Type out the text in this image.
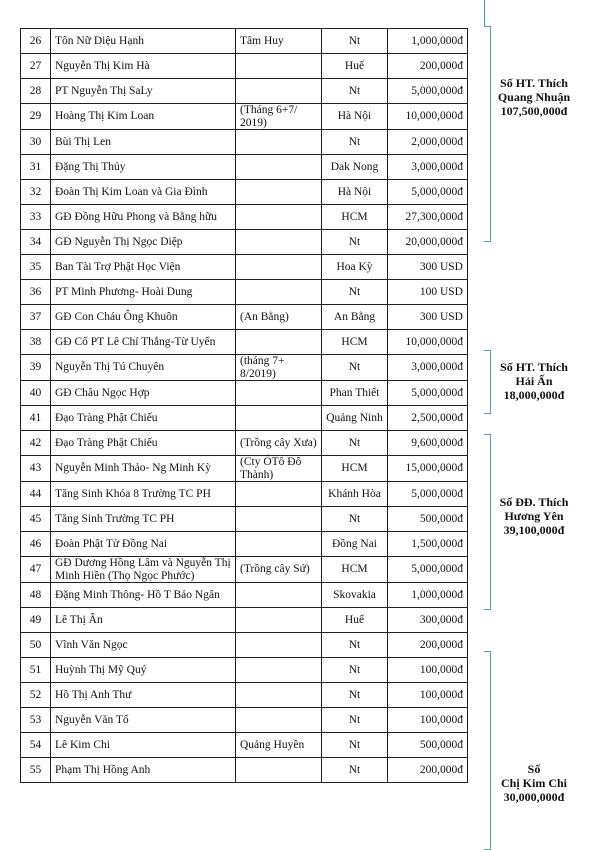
26	Tôn Nữ Diệu Hạnh	Tâm Huy	Nt	1,000,000đ	
27	Nguyễn Thị Kim Hà		Huế	200,000đ	
28	PT Nguyễn Thị SaLy		Nt	5,000,000đ	
29	Hoàng Thị Kim Loan	(Tháng 6+7/ 2019)	Hà Nội	10,000,000đ	
30	Bùi Thị Len		Nt	2,000,000đ	
31	Đặng Thị Thủy		Dak Nong	3,000,000đ	
32	Đoàn Thị Kim Loan và Gia Đình		Hà Nội	5,000,000đ	
33	GĐ Đồng Hữu Phong và Bằng hữu		HCM	27,300,000đ	
34	GĐ Nguyễn Thị Ngọc Diệp		Nt	20,000,000đ	
35	Ban Tài Trợ Phật Học Viện		Hoa Kỳ	300 USD	
36	PT Minh Phương- Hoài Dung		Nt	100 USD	
37	GĐ Con Cháu Ông Khuôn	(An Bằng)	An Bằng	300 USD	
38	GĐ Cố PT Lê Chí Thắng-Từ Uyển		HCM	10,000,000đ	
39	Nguyễn Thị Tú Chuyên	(tháng 7+ 8/2019)	Nt	3,000,000đ	
40	GĐ Châu Ngọc Hợp		Phan Thiết	5,000,000đ	
41	Đạo Tràng Phật Chiếu		Quảng Ninh	2,500,000đ	
42	Đạo Tràng Phật Chiếu	(Trồng cây Xưa)	Nt	9,600,000đ	
43	Nguyễn Minh Thảo- Ng Minh Kỳ	(Cty ÔTô Đô Thành)	HCM	15,000,000đ	
44	Tăng Sinh Khóa 8 Trường TC PH		Khánh Hòa	5,000,000đ	
45	Tăng Sinh Trường TC PH		Nt	500,000đ	
46	Đoàn Phật Tử Đồng Nai		Đồng Nai	1,500,000đ	
47	GĐ Dương Hồng Lâm và Nguyễn Thị Minh Hiền (Thọ Ngọc Phước)	(Trồng cây Sứ)	HCM	5,000,000đ	
48	Đặng Minh Thông- Hồ T Bảo Ngân		Skovakia	1,000,000đ	
49	Lê Thị Ân		Huế	300,000đ	
50	Vĩnh Văn Ngọc		Nt	200,000đ	
51	Huỳnh Thị Mỹ Quý		Nt	100,000đ	
52	Hồ Thị Anh Thư		Nt	100,000đ	
53	Nguyễn Văn Tố		Nt	100,000đ	
54	Lê Kim Chi	Quảng Huyền	Nt	500,000đ	
55	Phạm Thị Hồng Anh		Nt	200,000đ	
Số HT. Thích
Quang Nhuận
107,500,000đ
Số HT. Thích
Hải Ấn
18,000,000đ
Số ĐĐ. Thích
Hương Yên
39,100,000đ
Số
Chị Kim Chi
30,000,000đ
